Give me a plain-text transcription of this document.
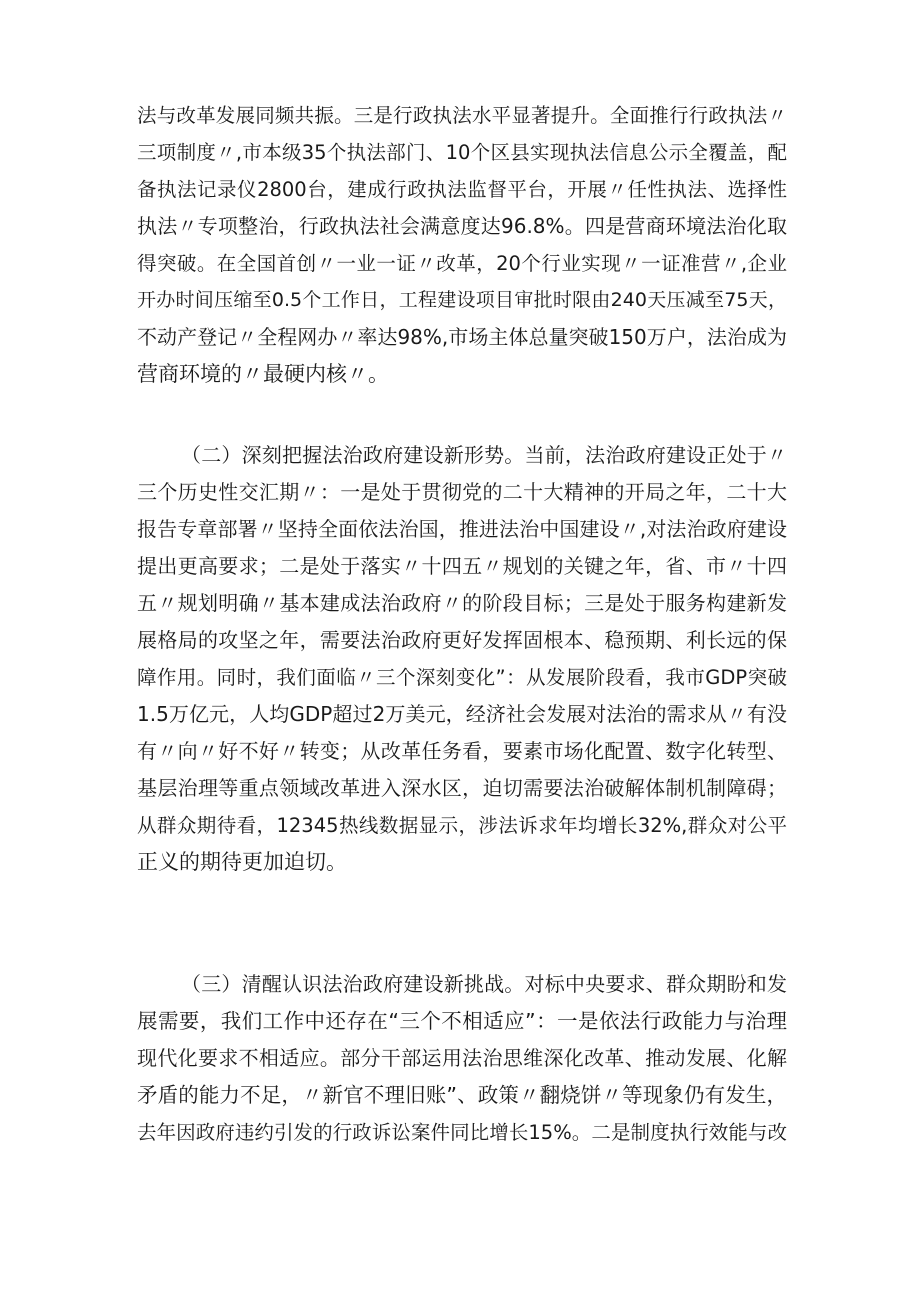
法与改革发展同频共振。三是行政执法水平显著提升。全面推行行政执法〃
三项制度〃,市本级35个执法部门、10个区县实现执法信息公示全覆盖，配
备执法记录仪2800台，建成行政执法监督平台，开展〃任性执法、选择性
执法〃专项整治，行政执法社会满意度达96.8%。四是营商环境法治化取
得突破。在全国首创〃一业一证〃改革，20个行业实现〃一证准营〃,企业
开办时间压缩至0.5个工作日，工程建设项目审批时限由240天压减至75天，
不动产登记〃全程网办〃率达98%,市场主体总量突破150万户，法治成为
营商环境的〃最硬内核〃。
（二）深刻把握法治政府建设新形势。当前，法治政府建设正处于〃
三个历史性交汇期〃：一是处于贯彻党的二十大精神的开局之年，二十大
报告专章部署〃坚持全面依法治国，推进法治中国建设〃,对法治政府建设
提出更高要求；二是处于落实〃十四五〃规划的关键之年，省、市〃十四
五〃规划明确〃基本建成法治政府〃的阶段目标；三是处于服务构建新发
展格局的攻坚之年，需要法治政府更好发挥固根本、稳预期、利长远的保
障作用。同时，我们面临〃三个深刻变化”：从发展阶段看，我市GDP突破
1.5万亿元，人均GDP超过2万美元，经济社会发展对法治的需求从〃有没
有〃向〃好不好〃转变；从改革任务看，要素市场化配置、数字化转型、
基层治理等重点领域改革进入深水区，迫切需要法治破解体制机制障碍；
从群众期待看，12345热线数据显示，涉法诉求年均增长32%,群众对公平
正义的期待更加迫切。
（三）清醒认识法治政府建设新挑战。对标中央要求、群众期盼和发
展需要，我们工作中还存在“三个不相适应”：一是依法行政能力与治理
现代化要求不相适应。部分干部运用法治思维深化改革、推动发展、化解
矛盾的能力不足，〃新官不理旧账”、政策〃翻烧饼〃等现象仍有发生，
去年因政府违约引发的行政诉讼案件同比增长15%。二是制度执行效能与改
